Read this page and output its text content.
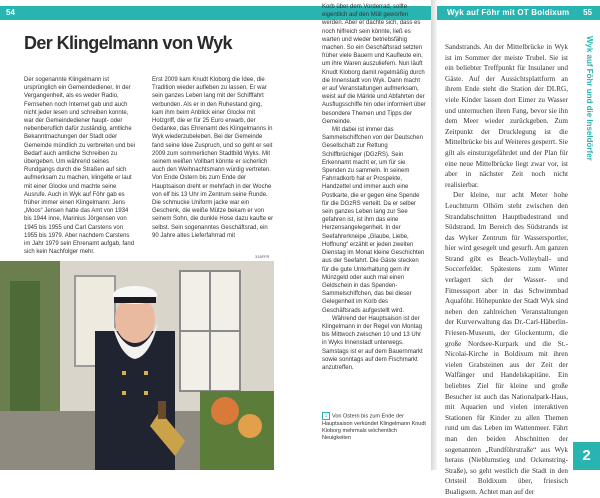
54	Wyk auf Föhr mit OT Boldixum 55
Der Klingelmann von Wyk

Der sogenannte Klingelmann ist ursprünglich ein Gemeindediener. In der Vergangenheit, als es weder Radio, Fernsehen noch Internet gab und auch nicht jeder lesen und schreiben konnte, war der Gemeindediener haupt- oder nebenberuflich dafür zuständig, amtliche Bekanntmachungen der Stadt oder Gemeinde mündlich zu verbreiten und bei Bedarf auch amtliche Schreiben zu übergeben. Um während seines Rundgangs durch die Straßen auf sich aufmerksam zu machen, klingelte er laut mit einer Glocke und machte seine Ausrufe. Auch in Wyk auf Föhr gab es früher immer einen Klingelmann: Jens „Moos“ Jensen hatte das Amt von 1934 bis 1944 inne, Marinius Jörgensen von 1945 bis 1955 und Carl Carstens von 1955 bis 1979. Aber nachdem Carstens im Jahr 1979 sein Ehrenamt aufgab, fand sich kein Nachfolger mehr.

Erst 2009 kam Knudt Kloborg die Idee, die Tradition wieder aufleben zu lassen. Er war sein ganzes Leben lang mit der Schifffahrt verbunden. Als er in den Ruhestand ging, kam ihm beim Anblick einer Glocke mit Holzgriff, die er für 25 Euro erwarb, der Gedanke, das Ehrenamt des Klingelmanns in Wyk wiederzubeleben. Bei der Gemeinde fand seine Idee Zuspruch, und so geht er seit 2009 zum sommerlichen Stadtbild Wyks. Mit seinem weißen Vollbart könnte er sicherlich auch den Weihnachtsmann würdig vertreten. Von Ende Ostern bis zum Ende der Hauptsaison dreht er mehrfach in der Woche von elf bis 13 Uhr im Zentrum seine Runde. Die schmucke Uniform jacke war ein Geschenk, die weiße Mütze bekam er von seinem Sohn, die dunkle Hose dazu kaufte er selbst. Sein sogenanntes Geschäftsrad, ein 90 Jahre altes Lieferfahrrad mit

Korb über dem Vorderrad, sollte eigentlich auf den Müll geworfen werden. Aber er dachte sich, dass es noch hilfreich sein könnte, ließ es warten und wieder betriebsfähig machen. So ein Geschäftsrad setzten früher viele Bauern und Kaufleute ein, um ihre Waren auszuliefern. Nun läuft Knudt Kloborg damit regelmäßig durch die Innenstadt von Wyk. Dann macht er auf Veranstaltungen aufmerksam, weist auf die Märkte und Abfahrten der Ausflugsschiffe hin oder informiert über besondere Themen und Tipps der Gemeinde.

Mit dabei ist immer das Sammelschiffchen von der Deutschen Gesellschaft zur Rettung Schiffbrüchiger (DGzRS). Sein Erkennamt macht er, um für sie Spenden zu sammeln. In seinem Fahrradkorb hat er Prospekte, Handzettel und immer auch eine Postkarte, die er gegen eine Spende für die DGzRS verteilt. Da er selber sein ganzes Leben lang zur See gefahren ist, ist ihm das eine Herzensangelegenheit. In der Seefahrerkneipe „Glaube, Liebe, Hoffnung“ erzählt er jeden zweiten Dienstag im Monat kleine Geschichten aus der Seefahrt. Die Gäste stecken für die gute Unterhaltung gern ihr Münzgeld oder auch mal einen Geldschein in das Spenden-Sammelschiffchen, das bei dieser Gelegenheit im Korb des Geschäftsrads aufgestellt wird.

Während der Hauptsaison ist der Klingelmann in der Regel von Montag bis Mittwoch zwischen 10 und 13 Uhr in Wyks Innenstadt unterwegs. Samstags ist er auf dem Bauernmarkt sowie sonntags auf dem Fischmarkt anzutreffen.

316FFR
1 Von Ostern bis zum Ende der Hauptsaison verkündet Klingelmann Knudt Kloborg mehrmals wöchentlich Neuigkeiten

Sandstrands. An der Mittelbrücke in Wyk ist im Sommer der meiste Trubel. Sie ist ein beliebter Treffpunkt für Insulaner und Gäste. Auf der Aussichtsplattform an ihrem Ende steht die Station der DLRG, viele Kinder lassen dort Eimer zu Wasser und unternuchen ihren Fang, bevor sie ihn dem Meer wieder zurückgeben. Zum Zeitpunkt der Drucklegung ist die Mittelbrücke bis auf Weiteres gesperrt. Sie gilt als einsturzgefährdet und der Plan für eine neue Mittelbrücke liegt zwar vor, ist aber in nächster Zeit noch nicht realisierbar.

Der kleine, nur acht Meter hohe Leuchtturm Olhörn steht zwischen den Strandabschnitten Hauptbadestrand und Südstrand. Im Bereich des Südstrands ist das Wyker Zentrum für Wassersportler, hier wird gesegelt und gesurft. Am ganzen Strand gibt es Beach-Volleyball- und Soccerfelder. Spätestens zum Winter verlagert sich der Wasser- und Fitnesssport aber in das Schwimmbad Aquaföhr. Höhepunkte der Stadt Wyk sind neben den zahlreichen Veranstaltungen der Kurverwaltung das Dr.-Carl-Häberlin-Friesen-Museum, der Glockenturm, die große Nordsee-Kurpark und die St.-Nicolai-Kirche in Boldixum mit ihren vielen Grabsteinen aus der Zeit der Walfänger und Handelskapitäne. Ein beliebtes Ziel für kleine und große Besucher ist auch das Nationalpark-Haus, mit Aquarien und vielen interaktiven Stationen für Kinder zu allen Themen rund um das Leben im Wattenmeer. Fährt man den beiden Abschnitten der sogenannten „Rundföhrstraße“ aus Wyk heraus (Nieblumstieg und Ockenstring-Straße), so geht westlich die Stadt in den Ortsteil Boldixum über, friesisch Bualigsem. Achtet man auf der

Wyk auf Föhr und die Inseldörfer
2
